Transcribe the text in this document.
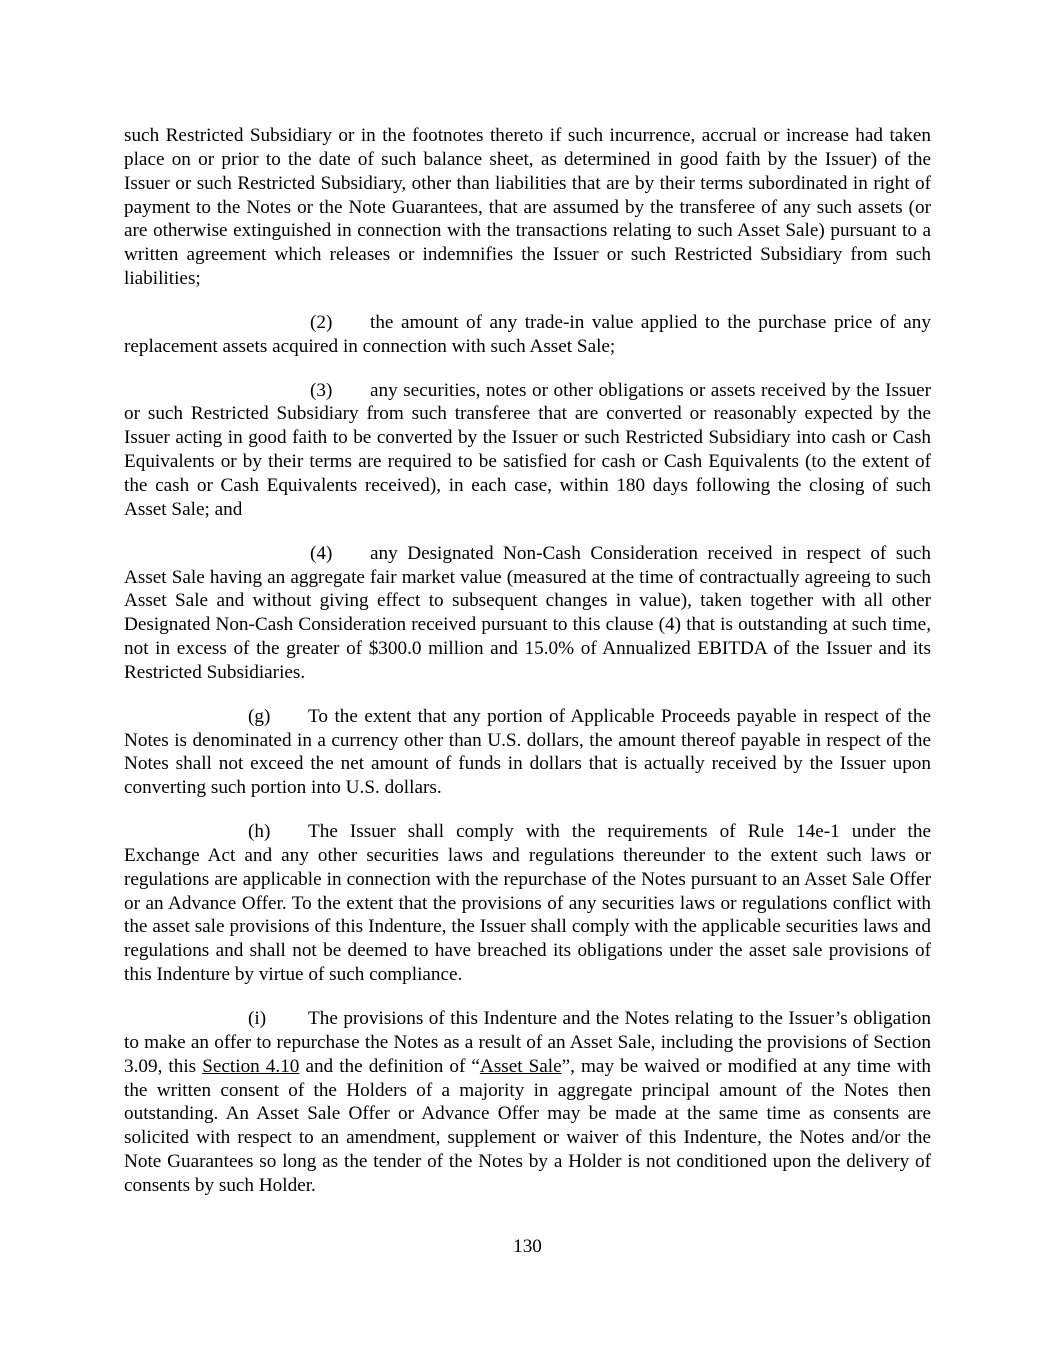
such Restricted Subsidiary or in the footnotes thereto if such incurrence, accrual or increase had taken place on or prior to the date of such balance sheet, as determined in good faith by the Issuer) of the Issuer or such Restricted Subsidiary, other than liabilities that are by their terms subordinated in right of payment to the Notes or the Note Guarantees, that are assumed by the transferee of any such assets (or are otherwise extinguished in connection with the transactions relating to such Asset Sale) pursuant to a written agreement which releases or indemnifies the Issuer or such Restricted Subsidiary from such liabilities;

(2) the amount of any trade-in value applied to the purchase price of any replacement assets acquired in connection with such Asset Sale;

(3) any securities, notes or other obligations or assets received by the Issuer or such Restricted Subsidiary from such transferee that are converted or reasonably expected by the Issuer acting in good faith to be converted by the Issuer or such Restricted Subsidiary into cash or Cash Equivalents or by their terms are required to be satisfied for cash or Cash Equivalents (to the extent of the cash or Cash Equivalents received), in each case, within 180 days following the closing of such Asset Sale; and

(4) any Designated Non-Cash Consideration received in respect of such Asset Sale having an aggregate fair market value (measured at the time of contractually agreeing to such Asset Sale and without giving effect to subsequent changes in value), taken together with all other Designated Non-Cash Consideration received pursuant to this clause (4) that is outstanding at such time, not in excess of the greater of $300.0 million and 15.0% of Annualized EBITDA of the Issuer and its Restricted Subsidiaries.

(g) To the extent that any portion of Applicable Proceeds payable in respect of the Notes is denominated in a currency other than U.S. dollars, the amount thereof payable in respect of the Notes shall not exceed the net amount of funds in dollars that is actually received by the Issuer upon converting such portion into U.S. dollars.

(h) The Issuer shall comply with the requirements of Rule 14e-1 under the Exchange Act and any other securities laws and regulations thereunder to the extent such laws or regulations are applicable in connection with the repurchase of the Notes pursuant to an Asset Sale Offer or an Advance Offer. To the extent that the provisions of any securities laws or regulations conflict with the asset sale provisions of this Indenture, the Issuer shall comply with the applicable securities laws and regulations and shall not be deemed to have breached its obligations under the asset sale provisions of this Indenture by virtue of such compliance.

(i) The provisions of this Indenture and the Notes relating to the Issuer’s obligation to make an offer to repurchase the Notes as a result of an Asset Sale, including the provisions of Section 3.09, this Section 4.10 and the definition of “Asset Sale”, may be waived or modified at any time with the written consent of the Holders of a majority in aggregate principal amount of the Notes then outstanding. An Asset Sale Offer or Advance Offer may be made at the same time as consents are solicited with respect to an amendment, supplement or waiver of this Indenture, the Notes and/or the Note Guarantees so long as the tender of the Notes by a Holder is not conditioned upon the delivery of consents by such Holder.

130
